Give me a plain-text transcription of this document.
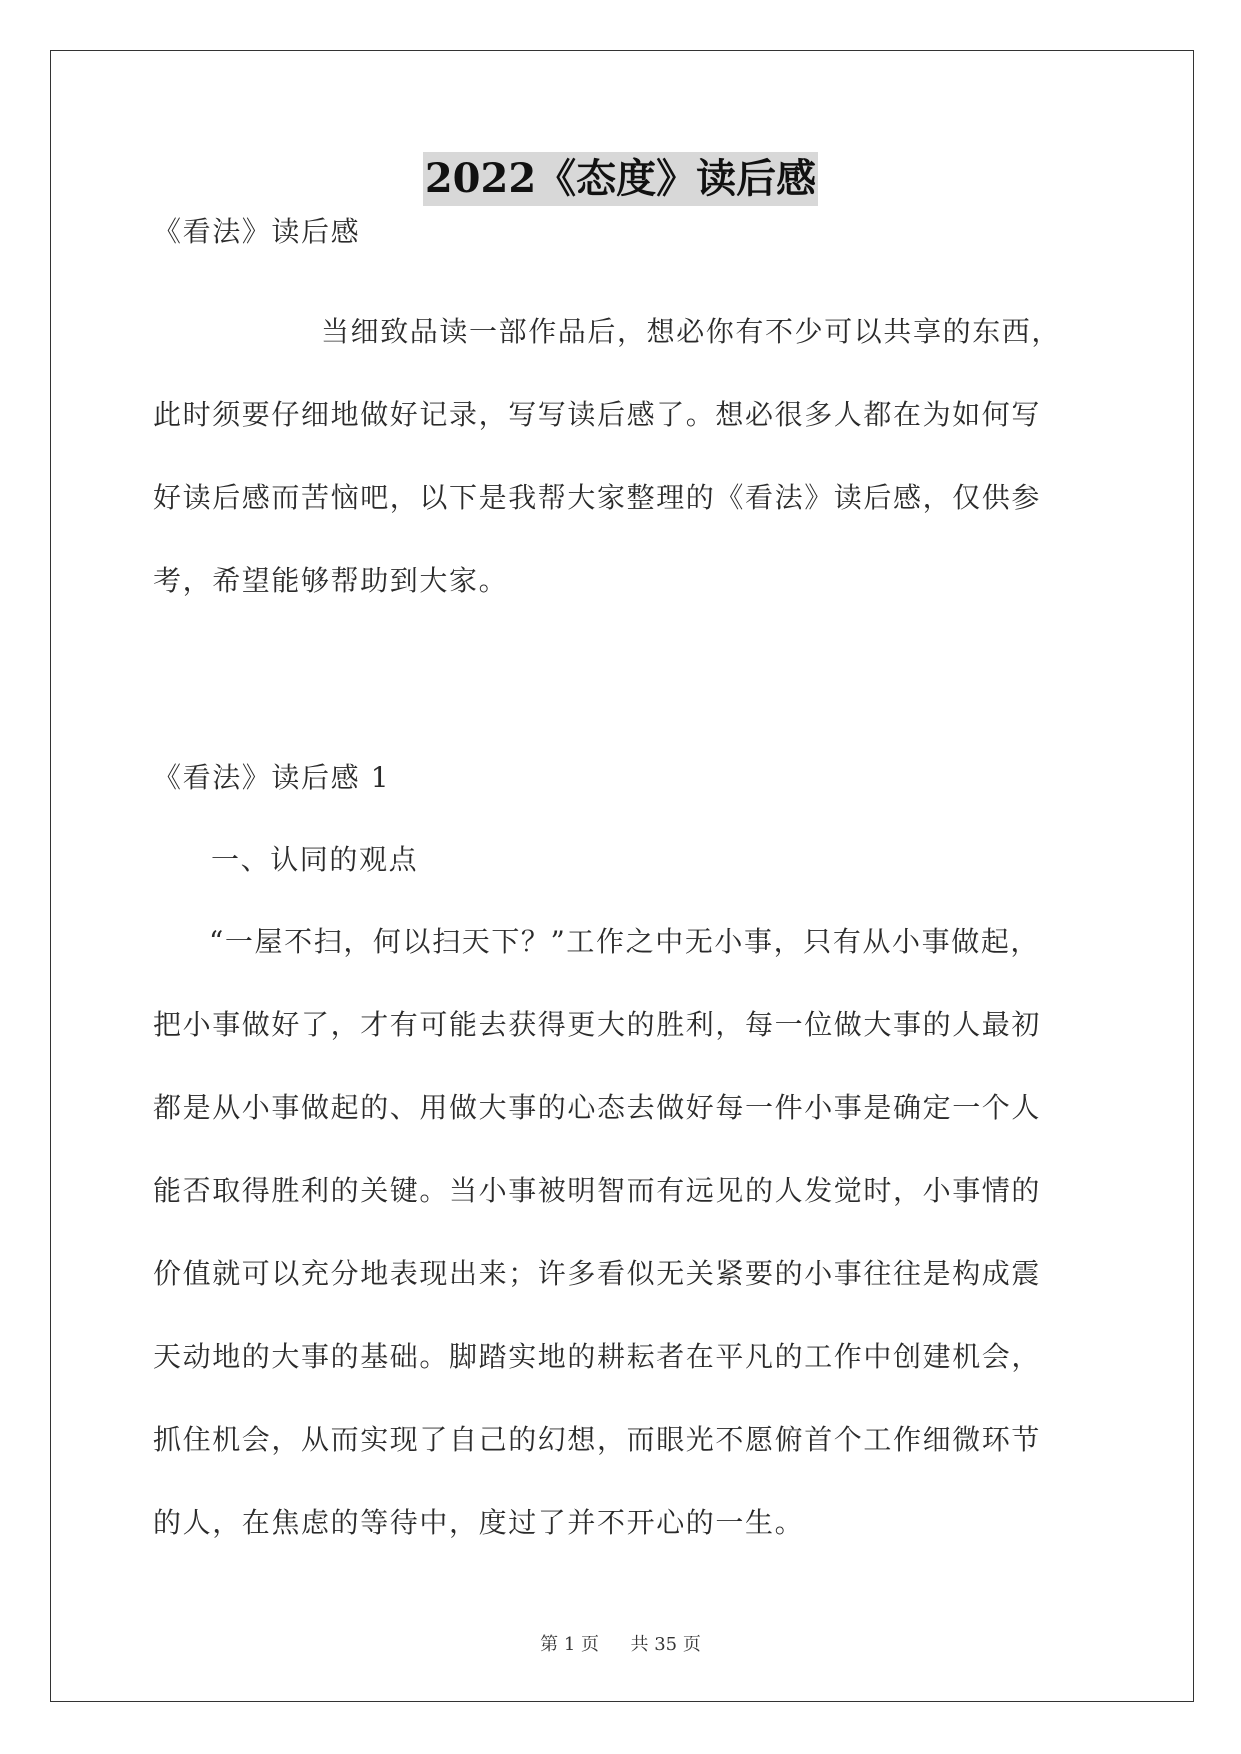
2022《态度》读后感
《看法》读后感

当细致品读一部作品后，想必你有不少可以共享的东西，

此时须要仔细地做好记录，写写读后感了。想必很多人都在为如何写

好读后感而苦恼吧，以下是我帮大家整理的《看法》读后感，仅供参

考，希望能够帮助到大家。

《看法》读后感 1
一、认同的观点

“一屋不扫，何以扫天下？”工作之中无小事，只有从小事做起，

把小事做好了，才有可能去获得更大的胜利，每一位做大事的人最初

都是从小事做起的、用做大事的心态去做好每一件小事是确定一个人

能否取得胜利的关键。当小事被明智而有远见的人发觉时，小事情的

价值就可以充分地表现出来；许多看似无关紧要的小事往往是构成震

天动地的大事的基础。脚踏实地的耕耘者在平凡的工作中创建机会，

抓住机会，从而实现了自己的幻想，而眼光不愿俯首个工作细微环节

的人，在焦虑的等待中，度过了并不开心的一生。

第 1 页 共 35 页
